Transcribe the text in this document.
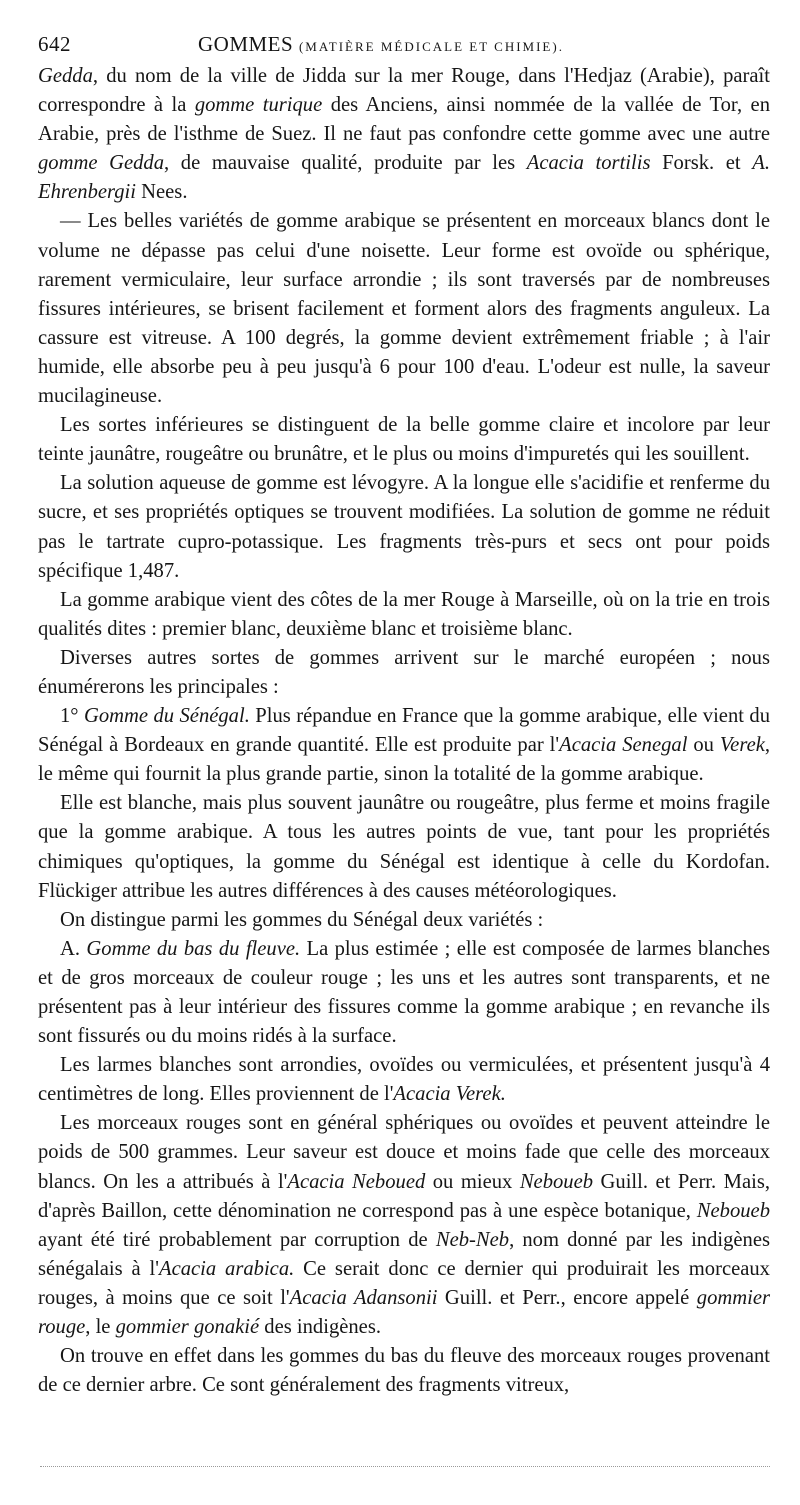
642	GOMMES (MATIÈRE MÉDICALE ET CHIMIE).

Gedda, du nom de la ville de Jidda sur la mer Rouge, dans l'Hedjaz (Arabie), paraît correspondre à la gomme turique des Anciens, ainsi nommée de la vallée de Tor, en Arabie, près de l'isthme de Suez. Il ne faut pas confondre cette gomme avec une autre gomme Gedda, de mauvaise qualité, produite par les Acacia tortilis Forsk. et A. Ehrenbergii Nees.

— Les belles variétés de gomme arabique se présentent en morceaux blancs dont le volume ne dépasse pas celui d'une noisette. Leur forme est ovoïde ou sphérique, rarement vermiculaire, leur surface arrondie ; ils sont traversés par de nombreuses fissures intérieures, se brisent facilement et forment alors des fragments anguleux. La cassure est vitreuse. A 100 degrés, la gomme devient extrêmement friable ; à l'air humide, elle absorbe peu à peu jusqu'à 6 pour 100 d'eau. L'odeur est nulle, la saveur mucilagineuse.

Les sortes inférieures se distinguent de la belle gomme claire et incolore par leur teinte jaunâtre, rougeâtre ou brunâtre, et le plus ou moins d'impuretés qui les souillent.

La solution aqueuse de gomme est lévogyre. A la longue elle s'acidifie et renferme du sucre, et ses propriétés optiques se trouvent modifiées. La solution de gomme ne réduit pas le tartrate cupro-potassique. Les fragments très-purs et secs ont pour poids spécifique 1,487.

La gomme arabique vient des côtes de la mer Rouge à Marseille, où on la trie en trois qualités dites : premier blanc, deuxième blanc et troisième blanc.

Diverses autres sortes de gommes arrivent sur le marché européen ; nous énumérerons les principales :

1° Gomme du Sénégal. Plus répandue en France que la gomme arabique, elle vient du Sénégal à Bordeaux en grande quantité. Elle est produite par l'Acacia Senegal ou Verek, le même qui fournit la plus grande partie, sinon la totalité de la gomme arabique.

Elle est blanche, mais plus souvent jaunâtre ou rougeâtre, plus ferme et moins fragile que la gomme arabique. A tous les autres points de vue, tant pour les propriétés chimiques qu'optiques, la gomme du Sénégal est identique à celle du Kordofan. Flückiger attribue les autres différences à des causes météorologiques.

On distingue parmi les gommes du Sénégal deux variétés :

A. Gomme du bas du fleuve. La plus estimée ; elle est composée de larmes blanches et de gros morceaux de couleur rouge ; les uns et les autres sont transparents, et ne présentent pas à leur intérieur des fissures comme la gomme arabique ; en revanche ils sont fissurés ou du moins ridés à la surface.

Les larmes blanches sont arrondies, ovoïdes ou vermiculées, et présentent jusqu'à 4 centimètres de long. Elles proviennent de l'Acacia Verek.

Les morceaux rouges sont en général sphériques ou ovoïdes et peuvent atteindre le poids de 500 grammes. Leur saveur est douce et moins fade que celle des morceaux blancs. On les a attribués à l'Acacia Neboued ou mieux Neboueb Guill. et Perr. Mais, d'après Baillon, cette dénomination ne correspond pas à une espèce botanique, Neboueb ayant été tiré probablement par corruption de Neb-Neb, nom donné par les indigènes sénégalais à l'Acacia arabica. Ce serait donc ce dernier qui produirait les morceaux rouges, à moins que ce soit l'Acacia Adansonii Guill. et Perr., encore appelé gommier rouge, le gommier gonakié des indigènes.

On trouve en effet dans les gommes du bas du fleuve des morceaux rouges provenant de ce dernier arbre. Ce sont généralement des fragments vitreux,
